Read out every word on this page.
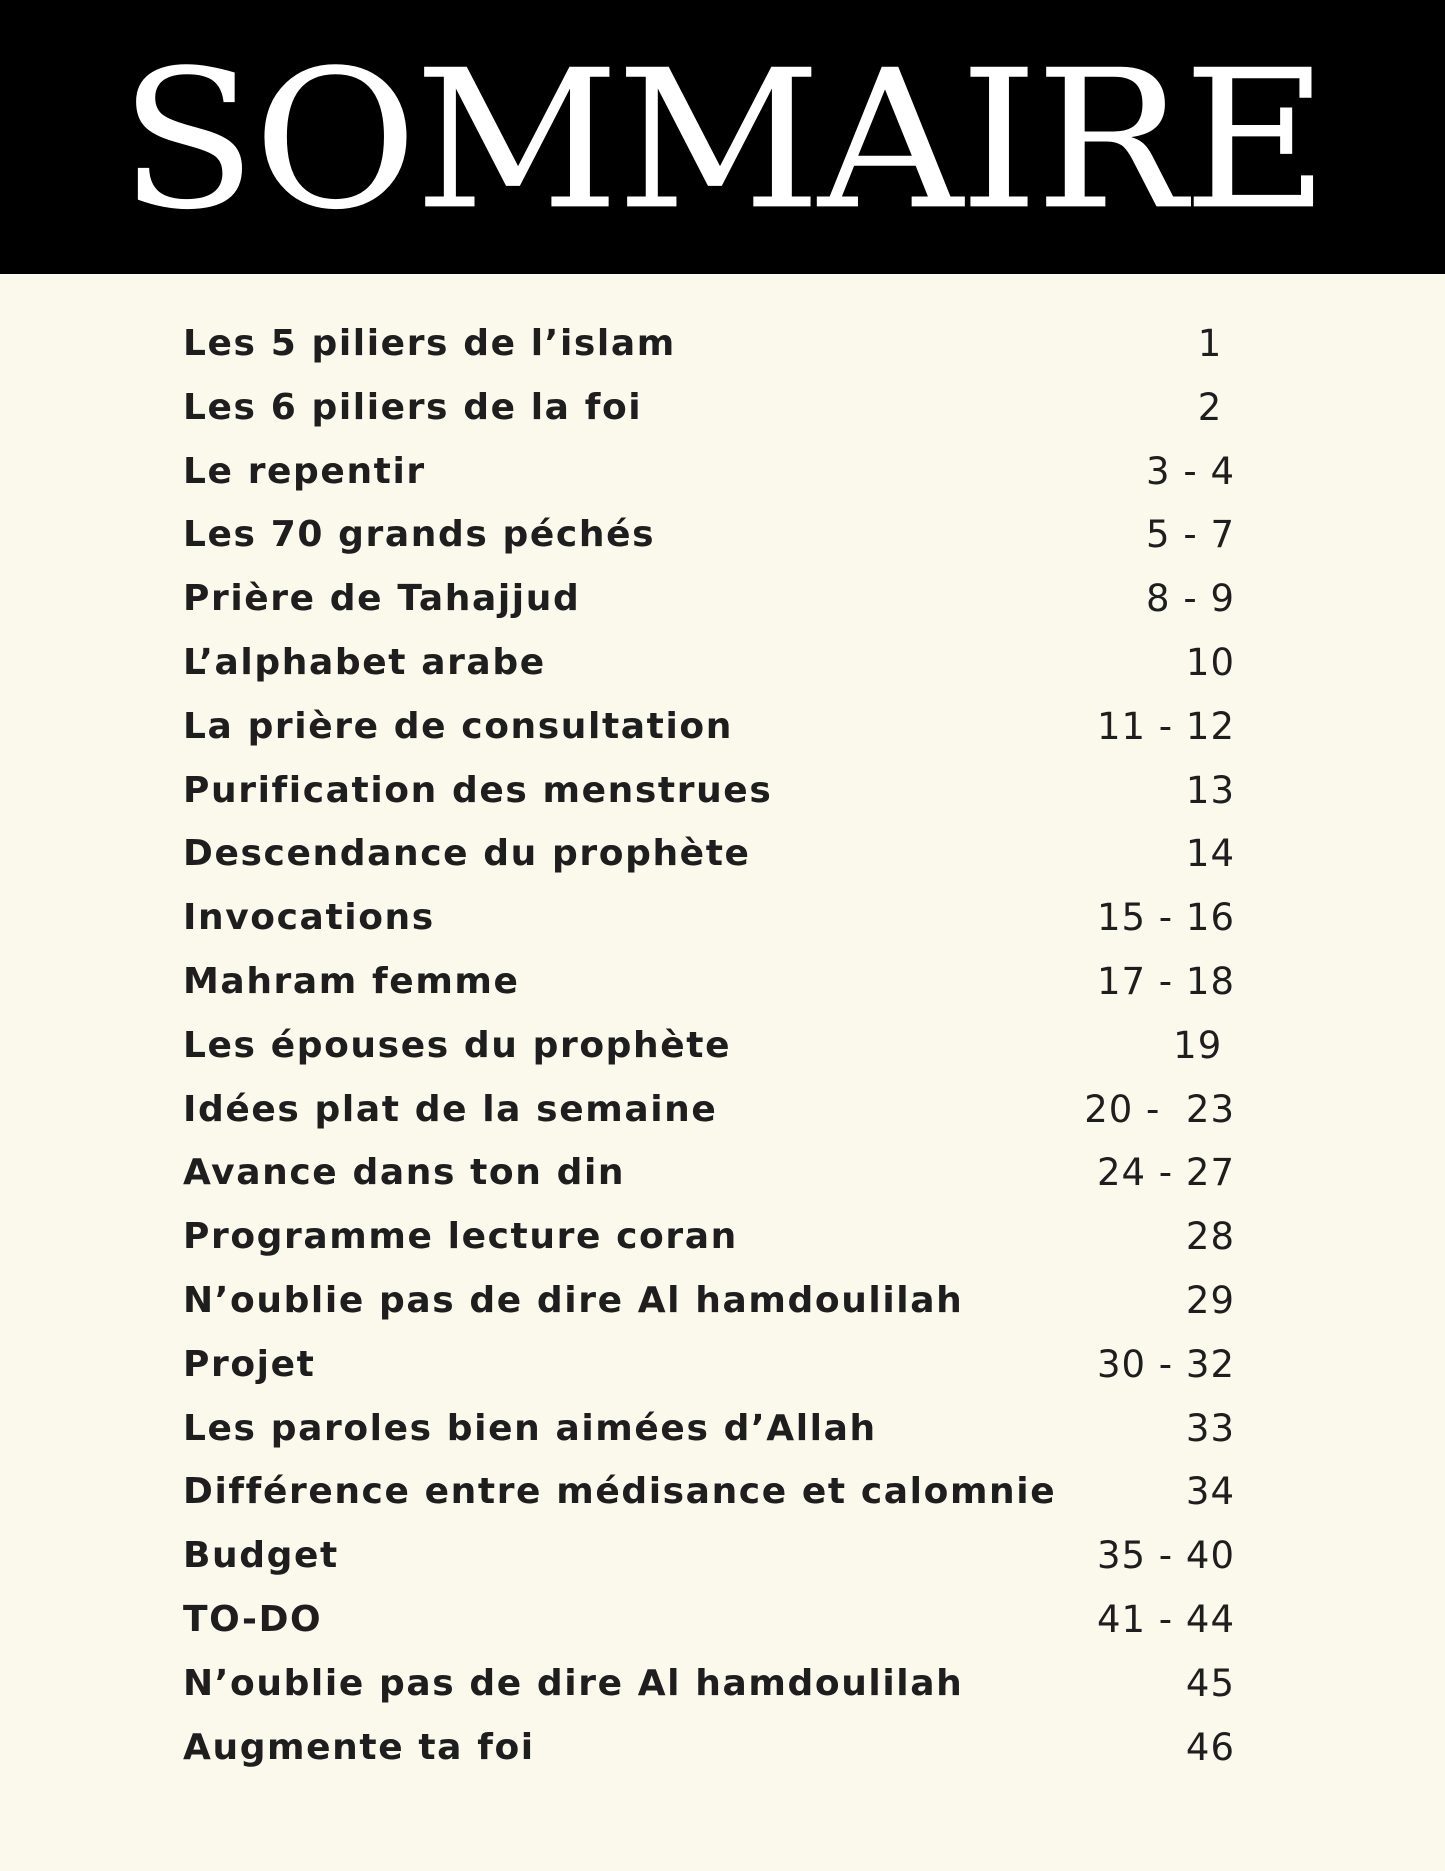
SOMMAIRE
Les 5 piliers de l’islam	1
Les 6 piliers de la foi	2
Le repentir	3 - 4
Les 70 grands péchés	5 - 7
Prière de Tahajjud	8 - 9
L’alphabet arabe	10
La prière de consultation	11 - 12
Purification des menstrues	13
Descendance du prophète	14
Invocations	15 - 16
Mahram femme	17 - 18
Les épouses du prophète	19
Idées plat de la semaine	20 -  23
Avance dans ton din	24 - 27
Programme lecture coran	28
N’oublie pas de dire Al hamdoulilah	29
Projet	30 - 32
Les paroles bien aimées d’Allah	33
Différence entre médisance et calomnie	34
Budget	35 - 40
TO-DO	41 - 44
N’oublie pas de dire Al hamdoulilah	45
Augmente ta foi	46
